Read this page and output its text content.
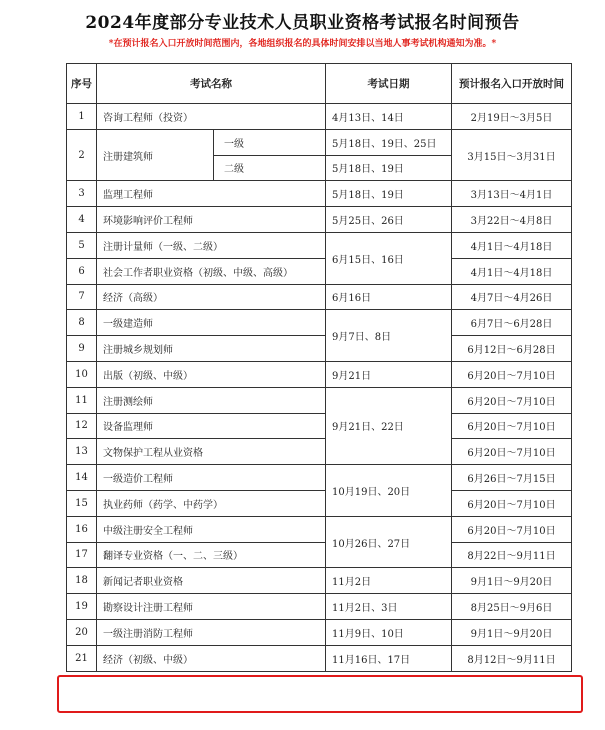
2024年度部分专业技术人员职业资格考试报名时间预告
*在预计报名入口开放时间范围内，各地组织报名的具体时间安排以当地人事考试机构通知为准。*
序号	考试名称		考试日期	预计报名入口开放时间
1	咨询工程师（投资）		4月13日、14日	2月19日～3月5日
2	注册建筑师	一级	5月18日、19日、25日	3月15日～3月31日
		二级	5月18日、19日	
3	监理工程师		5月18日、19日	3月13日～4月1日
4	环境影响评价工程师		5月25日、26日	3月22日～4月8日
5	注册计量师（一级、二级）		6月15日、16日	4月1日～4月18日
6	社会工作者职业资格（初级、中级、高级）			4月1日～4月18日
7	经济（高级）		6月16日	4月7日～4月26日
8	一级建造师		9月7日、8日	6月7日～6月28日
9	注册城乡规划师			6月12日～6月28日
10	出版（初级、中级）		9月21日	6月20日～7月10日
11	注册测绘师		9月21日、22日	6月20日～7月10日
12	设备监理师			6月20日～7月10日
13	文物保护工程从业资格			6月20日～7月10日
14	一级造价工程师		10月19日、20日	6月26日～7月15日
15	执业药师（药学、中药学）			6月20日～7月10日
16	中级注册安全工程师		10月26日、27日	6月20日～7月10日
17	翻译专业资格（一、二、三级）			8月22日～9月11日
18	新闻记者职业资格		11月2日	9月1日～9月20日
19	勘察设计注册工程师		11月2日、3日	8月25日～9月6日
20	一级注册消防工程师		11月9日、10日	9月1日～9月20日
21	经济（初级、中级）		11月16日、17日	8月12日～9月11日
